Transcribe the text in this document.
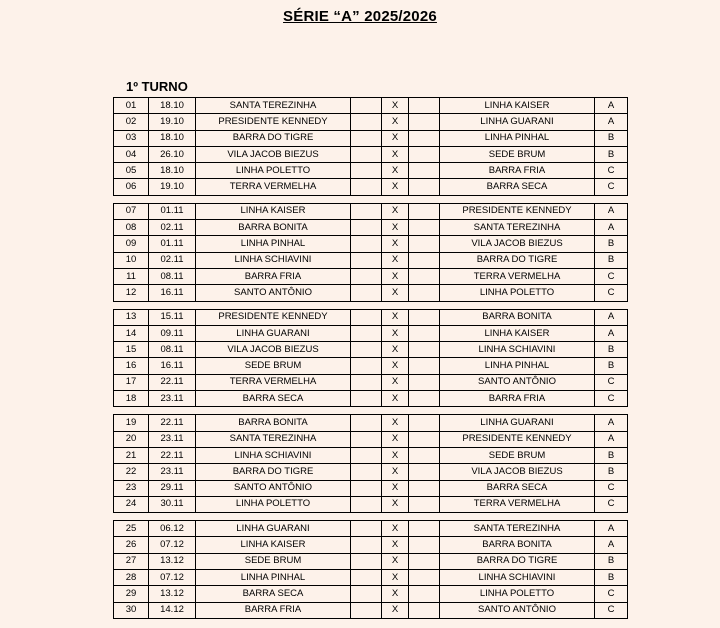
SÉRIE “A” 2025/2026
1º TURNO
01	18.10	SANTA TEREZINHA		X		LINHA KAISER	A
02	19.10	PRESIDENTE KENNEDY		X		LINHA GUARANI	A
03	18.10	BARRA DO TIGRE		X		LINHA PINHAL	B
04	26.10	VILA JACOB BIEZUS		X		SEDE BRUM	B
05	18.10	LINHA POLETTO		X		BARRA FRIA	C
06	19.10	TERRA VERMELHA		X		BARRA SECA	C

07	01.11	LINHA KAISER		X		PRESIDENTE KENNEDY	A
08	02.11	BARRA BONITA		X		SANTA TEREZINHA	A
09	01.11	LINHA PINHAL		X		VILA JACOB BIEZUS	B
10	02.11	LINHA SCHIAVINI		X		BARRA DO TIGRE	B
11	08.11	BARRA FRIA		X		TERRA VERMELHA	C
12	16.11	SANTO ANTÔNIO		X		LINHA POLETTO	C

13	15.11	PRESIDENTE KENNEDY		X		BARRA BONITA	A
14	09.11	LINHA GUARANI		X		LINHA KAISER	A
15	08.11	VILA JACOB BIEZUS		X		LINHA SCHIAVINI	B
16	16.11	SEDE BRUM		X		LINHA PINHAL	B
17	22.11	TERRA VERMELHA		X		SANTO ANTÔNIO	C
18	23.11	BARRA SECA		X		BARRA FRIA	C

19	22.11	BARRA BONITA		X		LINHA GUARANI	A
20	23.11	SANTA TEREZINHA		X		PRESIDENTE KENNEDY	A
21	22.11	LINHA SCHIAVINI		X		SEDE BRUM	B
22	23.11	BARRA DO TIGRE		X		VILA JACOB BIEZUS	B
23	29.11	SANTO ANTÔNIO		X		BARRA SECA	C
24	30.11	LINHA POLETTO		X		TERRA VERMELHA	C

25	06.12	LINHA GUARANI		X		SANTA TEREZINHA	A
26	07.12	LINHA KAISER		X		BARRA BONITA	A
27	13.12	SEDE BRUM		X		BARRA DO TIGRE	B
28	07.12	LINHA PINHAL		X		LINHA SCHIAVINI	B
29	13.12	BARRA SECA		X		LINHA POLETTO	C
30	14.12	BARRA FRIA		X		SANTO ANTÔNIO	C
